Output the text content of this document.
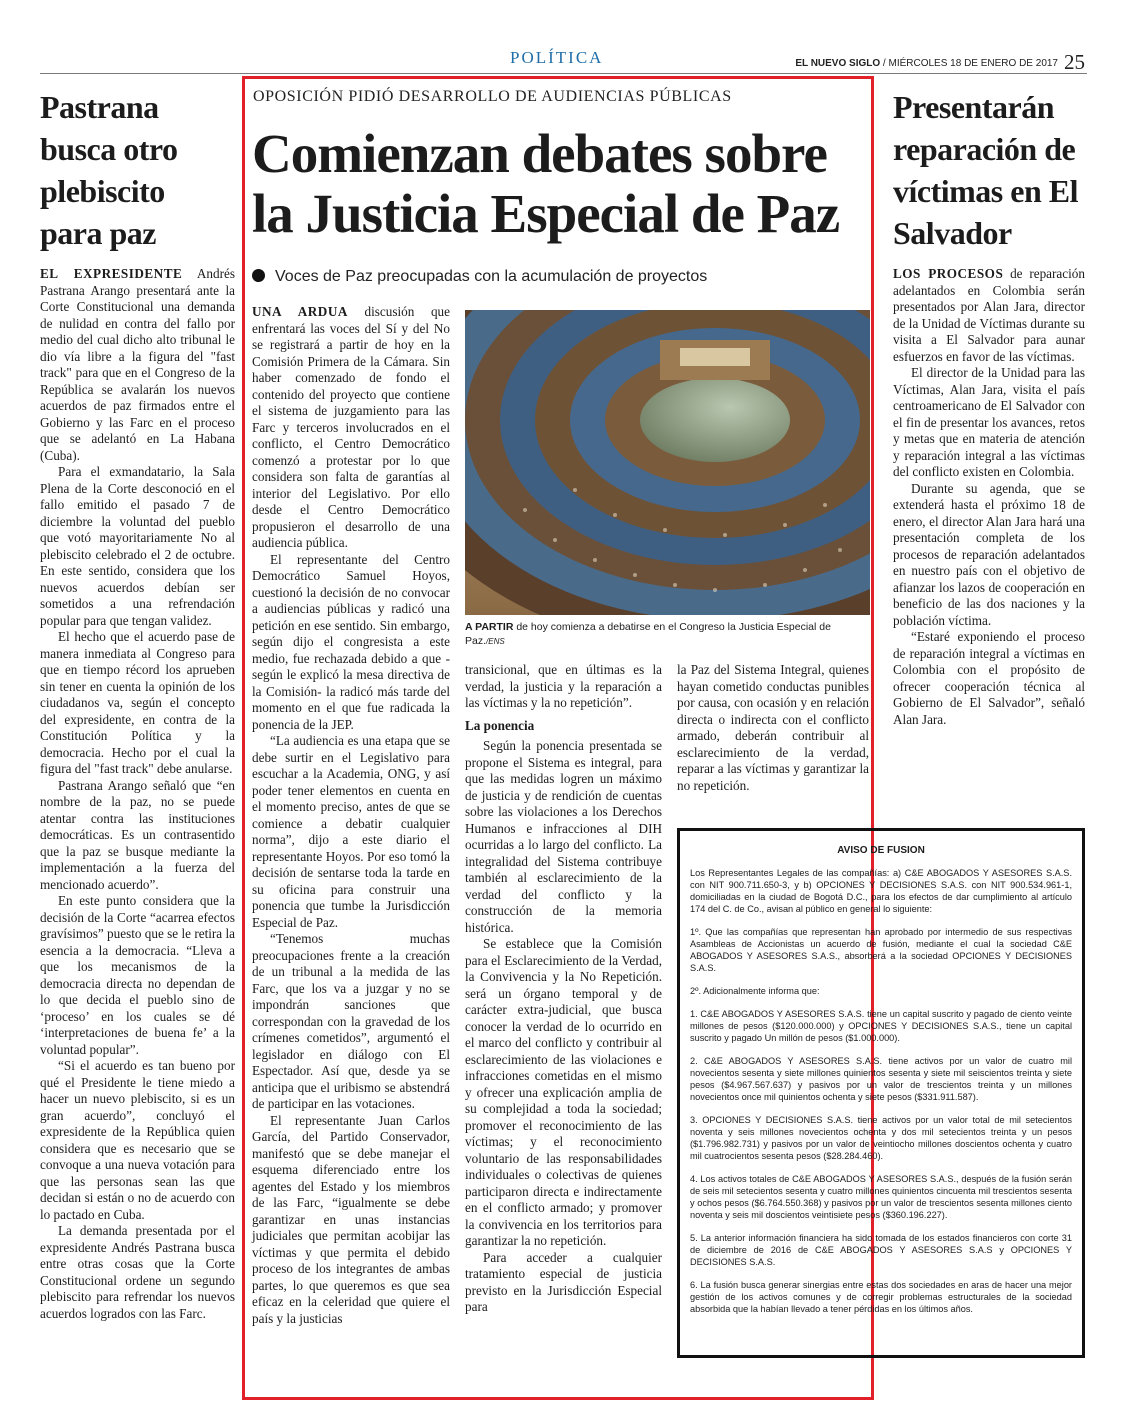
POLÍTICA	EL NUEVO SIGLO / MIÉRCOLES 18 DE ENERO DE 2017 25
Pastrana busca otro plebiscito para paz

EL EXPRESIDENTE Andrés Pastrana Arango presentará ante la Corte Constitucional una demanda de nulidad en contra del fallo por medio del cual dicho alto tribunal le dio vía libre a la figura del "fast track" para que en el Congreso de la República se avalarán los nuevos acuerdos de paz firmados entre el Gobierno y las Farc en el proceso que se adelantó en La Habana (Cuba).

Para el exmandatario, la Sala Plena de la Corte desconoció en el fallo emitido el pasado 7 de diciembre la voluntad del pueblo que votó mayoritariamente No al plebiscito celebrado el 2 de octubre. En este sentido, considera que los nuevos acuerdos debían ser sometidos a una refrendación popular para que tengan validez.

El hecho que el acuerdo pase de manera inmediata al Congreso para que en tiempo récord los aprueben sin tener en cuenta la opinión de los ciudadanos va, según el concepto del expresidente, en contra de la Constitución Política y la democracia. Hecho por el cual la figura del "fast track" debe anularse.

Pastrana Arango señaló que “en nombre de la paz, no se puede atentar contra las instituciones democráticas. Es un contrasentido que la paz se busque mediante la implementación a la fuerza del mencionado acuerdo”.

En este punto considera que la decisión de la Corte “acarrea efectos gravísimos” puesto que se le retira la esencia a la democracia. “Lleva a que los mecanismos de la democracia directa no dependan de lo que decida el pueblo sino de ‘proceso’ en los cuales se dé ‘interpretaciones de buena fe’ a la voluntad popular”.

“Si el acuerdo es tan bueno por qué el Presidente le tiene miedo a hacer un nuevo plebiscito, si es un gran acuerdo”, concluyó el expresidente de la República quien considera que es necesario que se convoque a una nueva votación para que las personas sean las que decidan si están o no de acuerdo con lo pactado en Cuba.

La demanda presentada por el expresidente Andrés Pastrana busca entre otras cosas que la Corte Constitucional ordene un segundo plebiscito para refrendar los nuevos acuerdos logrados con las Farc.

OPOSICIÓN PIDIÓ DESARROLLO DE AUDIENCIAS PÚBLICAS
Comienzan debates sobre la Justicia Especial de Paz
Voces de Paz preocupadas con la acumulación de proyectos

UNA ARDUA discusión que enfrentará las voces del Sí y del No se registrará a partir de hoy en la Comisión Primera de la Cámara. Sin haber comenzado de fondo el contenido del proyecto que contiene el sistema de juzgamiento para las Farc y terceros involucrados en el conflicto, el Centro Democrático comenzó a protestar por lo que considera son falta de garantías al interior del Legislativo. Por ello desde el Centro Democrático propusieron el desarrollo de una audiencia pública.

El representante del Centro Democrático Samuel Hoyos, cuestionó la decisión de no convocar a audiencias públicas y radicó una petición en ese sentido. Sin embargo, según dijo el congresista a este medio, fue rechazada debido a que -según le explicó la mesa directiva de la Comisión- la radicó más tarde del momento en el que fue radicada la ponencia de la JEP.

“La audiencia es una etapa que se debe surtir en el Legislativo para escuchar a la Academia, ONG, y así poder tener elementos en cuenta en el momento preciso, antes de que se comience a debatir cualquier norma”, dijo a este diario el representante Hoyos. Por eso tomó la decisión de sentarse toda la tarde en su oficina para construir una ponencia que tumbe la Jurisdicción Especial de Paz.

“Tenemos muchas preocupaciones frente a la creación de un tribunal a la medida de las Farc, que los va a juzgar y no se impondrán sanciones que correspondan con la gravedad de los crímenes cometidos”, argumentó el legislador en diálogo con El Espectador. Así que, desde ya se anticipa que el uribismo se abstendrá de participar en las votaciones.

El representante Juan Carlos García, del Partido Conservador, manifestó que se debe manejar el esquema diferenciado entre los agentes del Estado y los miembros de las Farc, “igualmente se debe garantizar en unas instancias judiciales que permitan acobijar las víctimas y que permita el debido proceso de los integrantes de ambas partes, lo que queremos es que sea eficaz en la celeridad que quiere el país y la justicias

A PARTIR de hoy comienza a debatirse en el Congreso la Justicia Especial de Paz./ENS

transicional, que en últimas es la verdad, la justicia y la reparación a las víctimas y la no repetición”.

La ponencia

Según la ponencia presentada se propone el Sistema es integral, para que las medidas logren un máximo de justicia y de rendición de cuentas sobre las violaciones a los Derechos Humanos e infracciones al DIH ocurridas a lo largo del conflicto. La integralidad del Sistema contribuye también al esclarecimiento de la verdad del conflicto y la construcción de la memoria histórica.

Se establece que la Comisión para el Esclarecimiento de la Verdad, la Convivencia y la No Repetición. será un órgano temporal y de carácter extra-judicial, que busca conocer la verdad de lo ocurrido en el marco del conflicto y contribuir al esclarecimiento de las violaciones e infracciones cometidas en el mismo y ofrecer una explicación amplia de su complejidad a toda la sociedad; promover el reconocimiento de las víctimas; y el reconocimiento voluntario de las responsabilidades individuales o colectivas de quienes participaron directa e indirectamente en el conflicto armado; y promover la convivencia en los territorios para garantizar la no repetición.

Para acceder a cualquier tratamiento especial de justicia previsto en la Jurisdicción Especial para

la Paz del Sistema Integral, quienes hayan cometido conductas punibles por causa, con ocasión y en relación directa o indirecta con el conflicto armado, deberán contribuir al esclarecimiento de la verdad, reparar a las víctimas y garantizar la no repetición.

Presentarán reparación de víctimas en El Salvador

LOS PROCESOS de reparación adelantados en Colombia serán presentados por Alan Jara, director de la Unidad de Víctimas durante su visita a El Salvador para aunar esfuerzos en favor de las víctimas.

El director de la Unidad para las Víctimas, Alan Jara, visita el país centroamericano de El Salvador con el fin de presentar los avances, retos y metas que en materia de atención y reparación integral a las víctimas del conflicto existen en Colombia.

Durante su agenda, que se extenderá hasta el próximo 18 de enero, el director Alan Jara hará una presentación completa de los procesos de reparación adelantados en nuestro país con el objetivo de afianzar los lazos de cooperación en beneficio de las dos naciones y la población víctima.

“Estaré exponiendo el proceso de reparación integral a víctimas en Colombia con el propósito de ofrecer cooperación técnica al Gobierno de El Salvador”, señaló Alan Jara.

AVISO DE FUSION

Los Representantes Legales de las compañías: a) C&E ABOGADOS Y ASESORES S.A.S. con NIT 900.711.650-3, y b) OPCIONES Y DECISIONES S.A.S. con NIT 900.534.961-1, domiciliadas en la ciudad de Bogotá D.C., para los efectos de dar cumplimiento al artículo 174 del C. de Co., avisan al público en general lo siguiente:

1º. Que las compañías que representan han aprobado por intermedio de sus respectivas Asambleas de Accionistas un acuerdo de fusión, mediante el cual la sociedad C&E ABOGADOS Y ASESORES S.A.S., absorberá a la sociedad OPCIONES Y DECISIONES S.A.S.

2º. Adicionalmente informa que:

1. C&E ABOGADOS Y ASESORES S.A.S. tiene un capital suscrito y pagado de ciento veinte millones de pesos ($120.000.000) y OPCIONES Y DECISIONES S.A.S., tiene un capital suscrito y pagado Un millón de pesos ($1.000.000).

2. C&E ABOGADOS Y ASESORES S.A.S. tiene activos por un valor de cuatro mil novecientos sesenta y siete millones quinientos sesenta y siete mil seiscientos treinta y siete pesos ($4.967.567.637) y pasivos por un valor de trescientos treinta y un millones novecientos once mil quinientos ochenta y siete pesos ($331.911.587).

3. OPCIONES Y DECISIONES S.A.S. tiene activos por un valor total de mil setecientos noventa y seis millones novecientos ochenta y dos mil setecientos treinta y un pesos ($1.796.982.731) y pasivos por un valor de veintiocho millones doscientos ochenta y cuatro mil cuatrocientos sesenta pesos ($28.284.460).

4. Los activos totales de C&E ABOGADOS Y ASESORES S.A.S., después de la fusión serán de seis mil setecientos sesenta y cuatro millones quinientos cincuenta mil trescientos sesenta y ochos pesos ($6.764.550.368) y pasivos por un valor de trescientos sesenta millones ciento noventa y seis mil doscientos veintisiete pesos ($360.196.227).

5. La anterior información financiera ha sido tomada de los estados financieros con corte 31 de diciembre de 2016 de C&E ABOGADOS Y ASESORES S.A.S y OPCIONES Y DECISIONES S.A.S.

6. La fusión busca generar sinergias entre estas dos sociedades en aras de hacer una mejor gestión de los activos comunes y de corregir problemas estructurales de la sociedad absorbida que la habían llevado a tener pérdidas en los últimos años.
